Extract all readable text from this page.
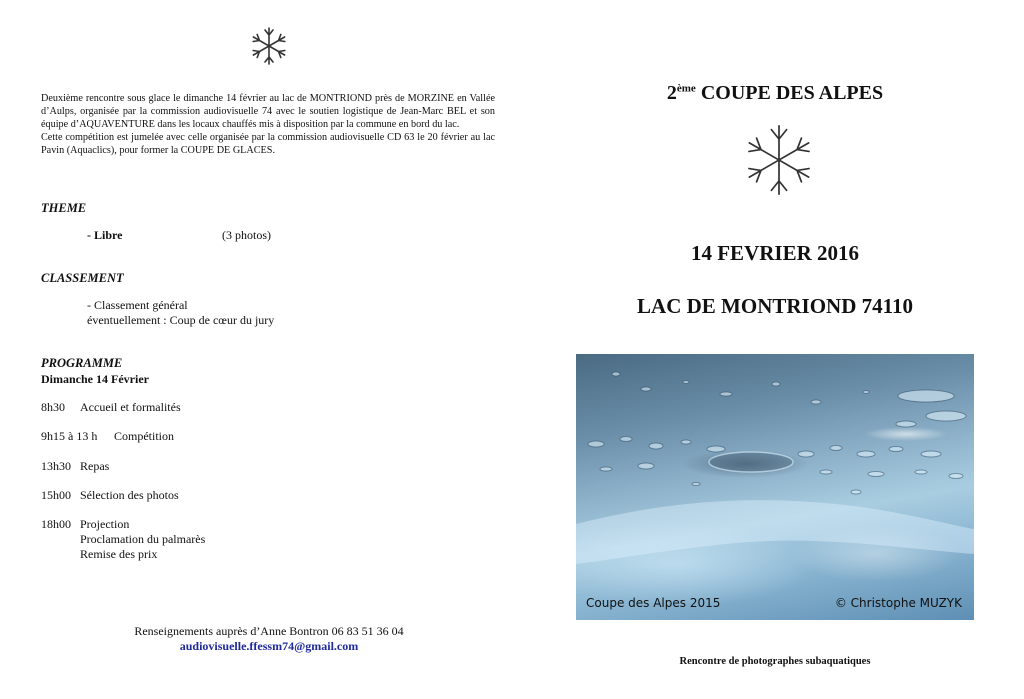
Deuxième rencontre sous glace le dimanche 14 février au lac de MONTRIOND près de MORZINE en Vallée d’Aulps, organisée par la commission audiovisuelle 74 avec le soutien logistique de Jean-Marc BEL et son équipe d’AQUAVENTURE dans les locaux chauffés mis à disposition par la commune en bord du lac.

Cette compétition est jumelée avec celle organisée par la commission audiovisuelle CD 63 le 20 février au lac Pavin (Aquaclics), pour former la COUPE DE GLACES.

THEME
- Libre	(3 photos)
CLASSEMENT
- Classement général
éventuellement : Coup de cœur du jury
PROGRAMME
Dimanche 14 Février
8h30 Accueil et formalités
9h15 à 13 h Compétition
13h30 Repas
15h00 Sélection des photos
18h00 Projection
Proclamation du palmarès
Remise des prix
Renseignements auprès d’Anne Bontron 06 83 51 36 04
audiovisuelle.ffessm74@gmail.com
2ème COUPE DES ALPES
14 FEVRIER 2016
LAC DE MONTRIOND 74110
Coupe des Alpes 2015	© Christophe MUZYK
Rencontre de photographes subaquatiques
